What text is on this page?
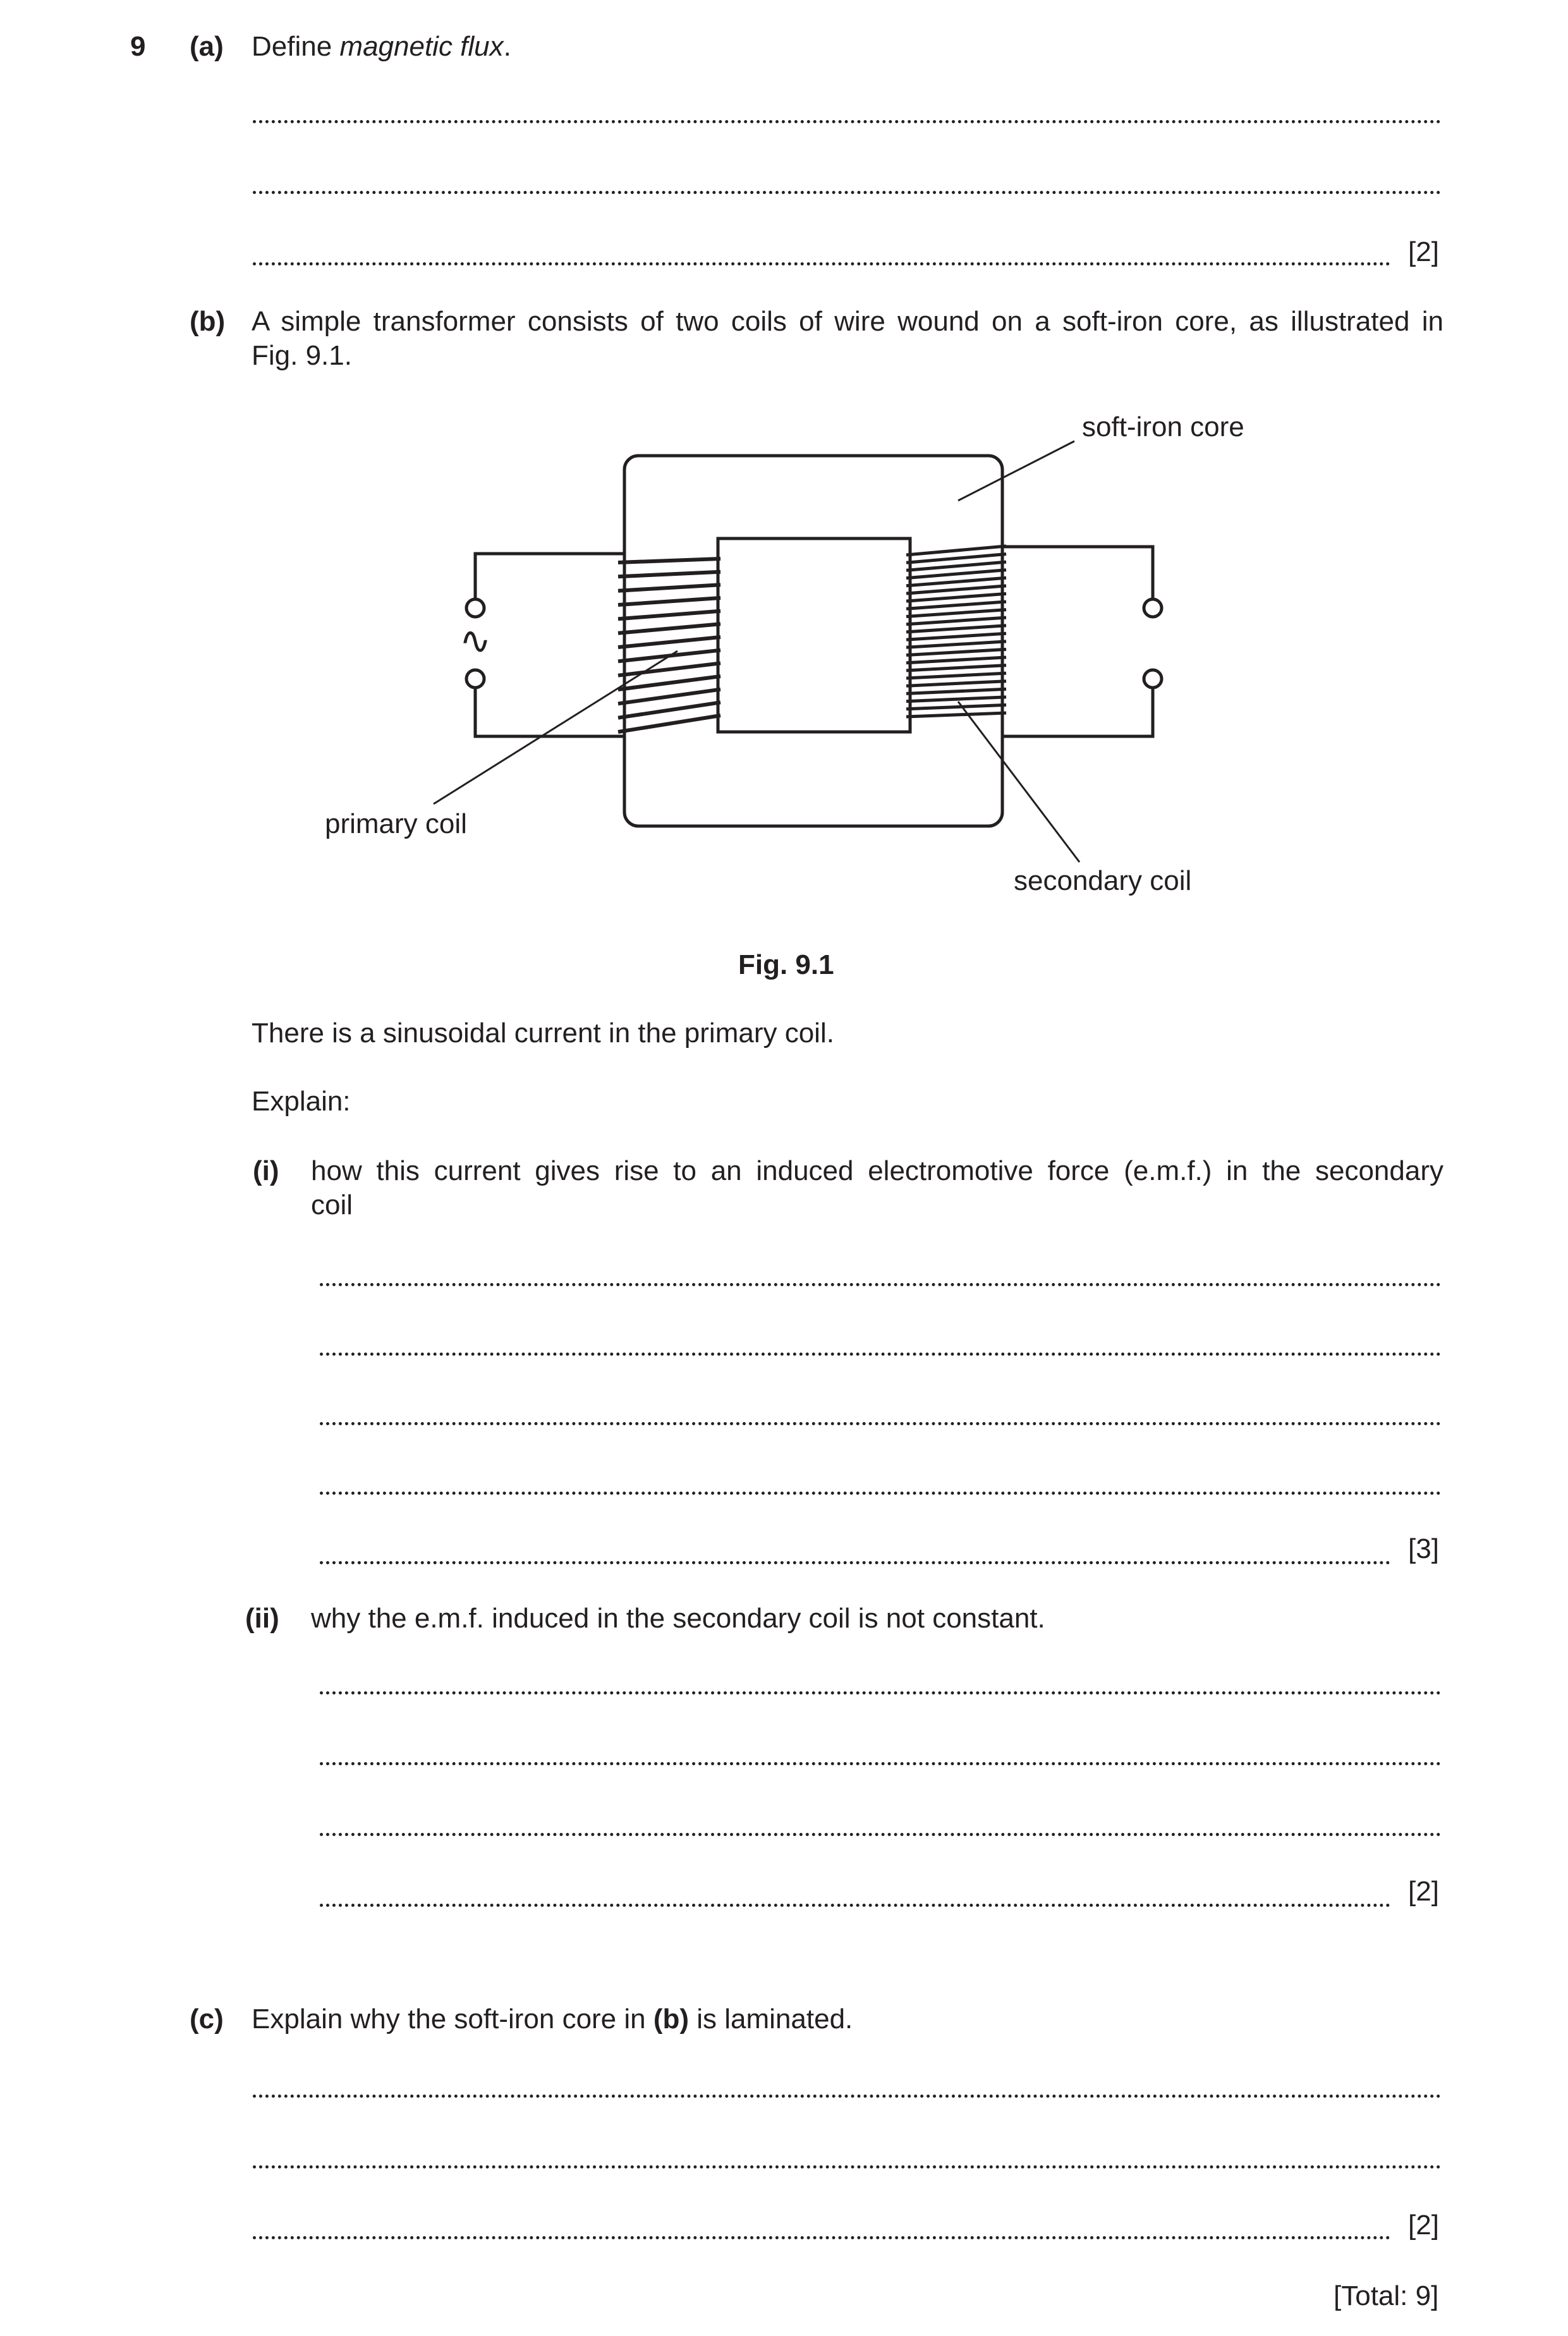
9 (a) Define magnetic flux.
[2]
(b) A simple transformer consists of two coils of wire wound on a soft-iron core, as illustrated in
Fig. 9.1.
∿
soft-iron core
primary coil
secondary coil
Fig. 9.1
There is a sinusoidal current in the primary coil.
Explain:
(i) how this current gives rise to an induced electromotive force (e.m.f.) in the secondary
coil
[3]
(ii) why the e.m.f. induced in the secondary coil is not constant.
[2]
(c) Explain why the soft-iron core in (b) is laminated.
[2]
[Total: 9]
